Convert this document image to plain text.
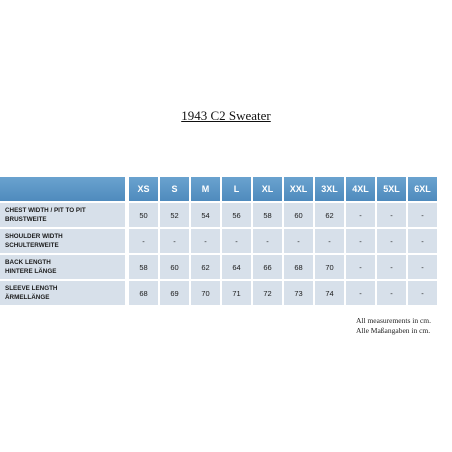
1943 C2 Sweater
XS	S	M	L	XL	XXL	3XL	4XL	5XL	6XL
CHEST WIDTH / PIT TO PIT
BRUSTWEITE	50	52	54	56	58	60	62	-	-	-
SHOULDER WIDTH
SCHULTERWEITE	-	-	-	-	-	-	-	-	-	-
BACK LENGTH
HINTERE LÄNGE	58	60	62	64	66	68	70	-	-	-
SLEEVE LENGTH
ÄRMELLÄNGE	68	69	70	71	72	73	74	-	-	-
All measurements in cm.
Alle Maßangaben in cm.
